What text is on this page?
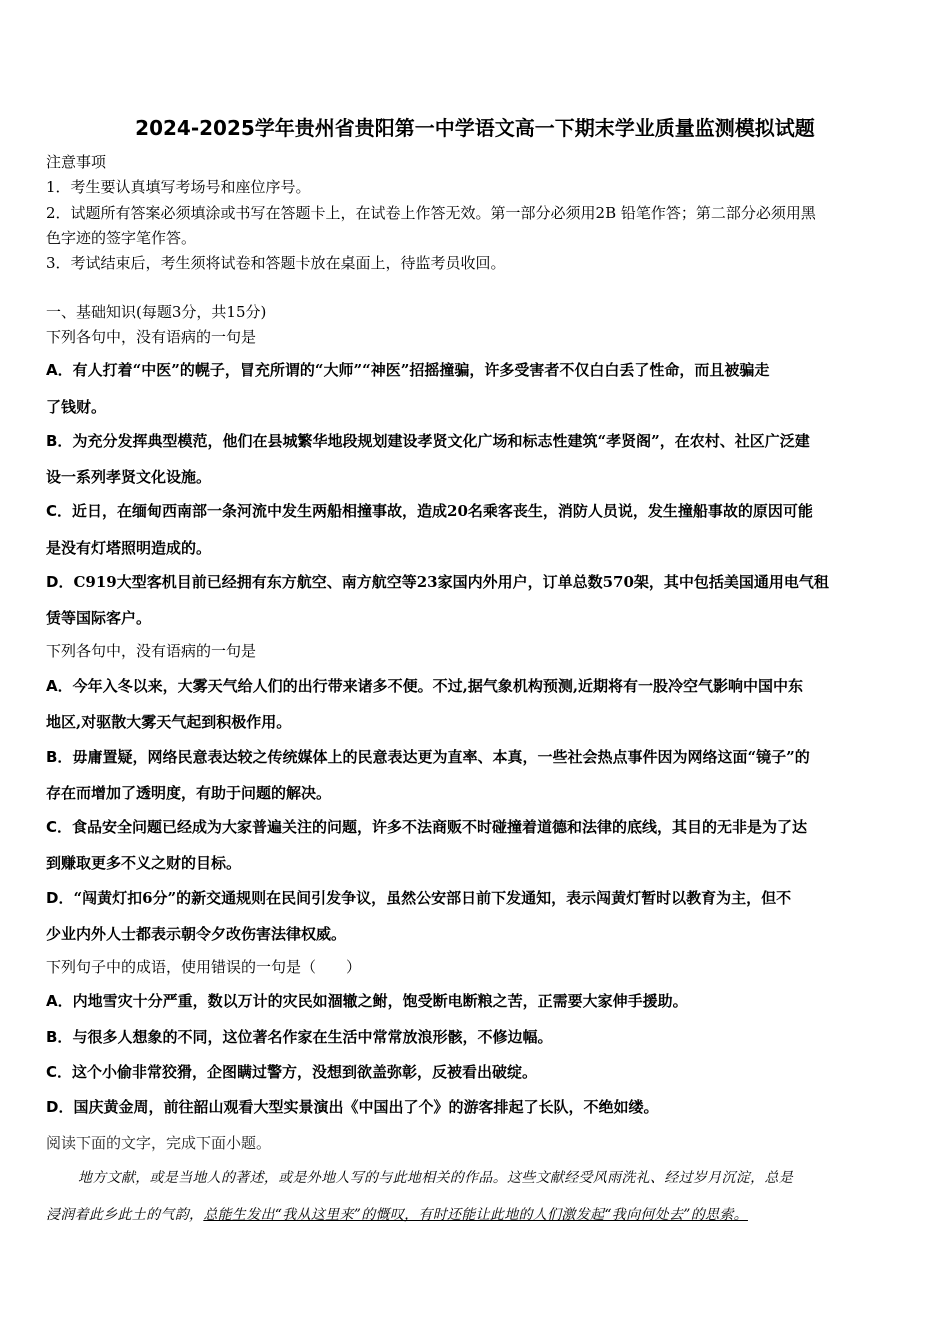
2024-2025学年贵州省贵阳第一中学语文高一下期末学业质量监测模拟试题
注意事项
1．考生要认真填写考场号和座位序号。
2．试题所有答案必须填涂或书写在答题卡上，在试卷上作答无效。第一部分必须用2B 铅笔作答；第二部分必须用黑
色字迹的签字笔作答。
3．考试结束后，考生须将试卷和答题卡放在桌面上，待监考员收回。
一、基础知识(每题3分，共15分)
下列各句中，没有语病的一句是
A．有人打着“中医”的幌子，冒充所谓的“大师”“神医”招摇撞骗，许多受害者不仅白白丢了性命，而且被骗走
了钱财。
B．为充分发挥典型模范，他们在县城繁华地段规划建设孝贤文化广场和标志性建筑“孝贤阁”，在农村、社区广泛建
设一系列孝贤文化设施。
C．近日，在缅甸西南部一条河流中发生两船相撞事故，造成20名乘客丧生，消防人员说，发生撞船事故的原因可能
是没有灯塔照明造成的。
D．C919大型客机目前已经拥有东方航空、南方航空等23家国内外用户，订单总数570架，其中包括美国通用电气租
赁等国际客户。
下列各句中，没有语病的一句是
A．今年入冬以来，大雾天气给人们的出行带来诸多不便。不过,据气象机构预测,近期将有一股冷空气影响中国中东
地区,对驱散大雾天气起到积极作用。
B．毋庸置疑，网络民意表达较之传统媒体上的民意表达更为直率、本真，一些社会热点事件因为网络这面“镜子”的
存在而增加了透明度，有助于问题的解决。
C．食品安全问题已经成为大家普遍关注的问题，许多不法商贩不时碰撞着道德和法律的底线，其目的无非是为了达
到赚取更多不义之财的目标。
D．“闯黄灯扣6分”的新交通规则在民间引发争议，虽然公安部日前下发通知，表示闯黄灯暂时以教育为主，但不
少业内外人士都表示朝令夕改伤害法律权威。
下列句子中的成语，使用错误的一句是（　　）
A．内地雪灾十分严重，数以万计的灾民如涸辙之鲋，饱受断电断粮之苦，正需要大家伸手援助。
B．与很多人想象的不同，这位著名作家在生活中常常放浪形骸，不修边幅。
C．这个小偷非常狡猾，企图瞒过警方，没想到欲盖弥彰，反被看出破绽。
D．国庆黄金周，前往韶山观看大型实景演出《中国出了个》的游客排起了长队，不绝如缕。
阅读下面的文字，完成下面小题。
地方文献，或是当地人的著述，或是外地人写的与此地相关的作品。这些文献经受风雨洗礼、经过岁月沉淀，总是
浸润着此乡此土的气韵，总能生发出“我从这里来”的慨叹，有时还能让此地的人们激发起“我向何处去”的思索。
